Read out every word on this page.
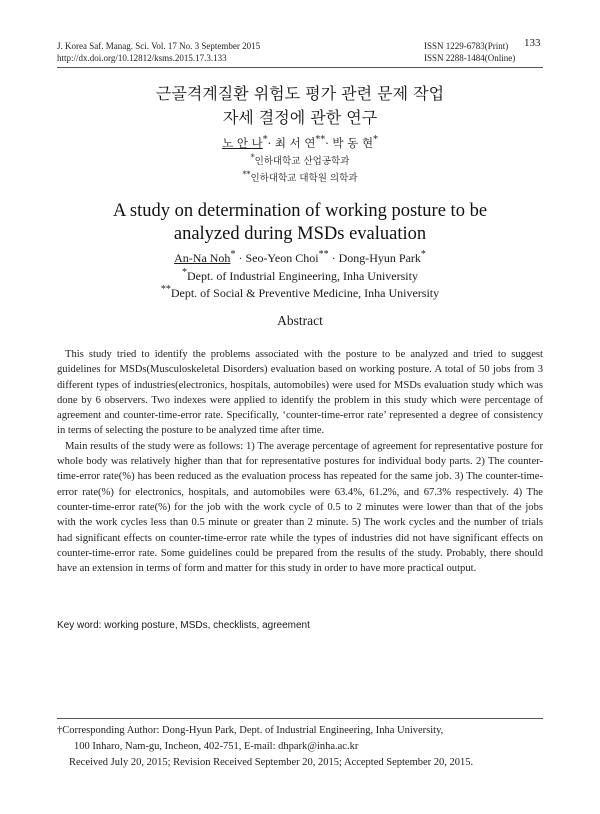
J. Korea Saf. Manag. Sci. Vol. 17 No. 3 September 2015
http://dx.doi.org/10.12812/ksms.2015.17.3.133
ISSN 1229-6783(Print)
ISSN 2288-1484(Online)
133
근골격계질환 위험도 평가 관련 문제 작업
자세 결정에 관한 연구
노 안 나*· 최 서 연**· 박 동 현*
*인하대학교 산업공학과
**인하대학교 대학원 의학과
A study on determination of working posture to be
analyzed during MSDs evaluation
An-Na Noh* · Seo-Yeon Choi** · Dong-Hyun Park*
*Dept. of Industrial Engineering, Inha University
**Dept. of Social & Preventive Medicine, Inha University
Abstract

This study tried to identify the problems associated with the posture to be analyzed and tried to suggest guidelines for MSDs(Musculoskeletal Disorders) evaluation based on working posture. A total of 50 jobs from 3 different types of industries(electronics, hospitals, automobiles) were used for MSDs evaluation study which was done by 6 observers. Two indexes were applied to identify the problem in this study which were percentage of agreement and counter-time-error rate. Specifically, ‘counter-time-error rate’ represented a degree of consistency in terms of selecting the posture to be analyzed time after time.

Main results of the study were as follows: 1) The average percentage of agreement for representative posture for whole body was relatively higher than that for representative postures for individual body parts. 2) The counter-time-error rate(%) has been reduced as the evaluation process has repeated for the same job. 3) The counter-time-error rate(%) for electronics, hospitals, and automobiles were 63.4%, 61.2%, and 67.3% respectively. 4) The counter-time-error rate(%) for the job with the work cycle of 0.5 to 2 minutes were lower than that of the jobs with the work cycles less than 0.5 minute or greater than 2 minute. 5) The work cycles and the number of trials had significant effects on counter-time-error rate while the types of industries did not have significant effects on counter-time-error rate. Some guidelines could be prepared from the results of the study. Probably, there should have an extension in terms of form and matter for this study in order to have more practical output.

Key word: working posture, MSDs, checklists, agreement
†Corresponding Author: Dong-Hyun Park, Dept. of Industrial Engineering, Inha University,
100 Inharo, Nam-gu, Incheon, 402-751, E-mail: dhpark@inha.ac.kr
Received July 20, 2015; Revision Received September 20, 2015; Accepted September 20, 2015.
